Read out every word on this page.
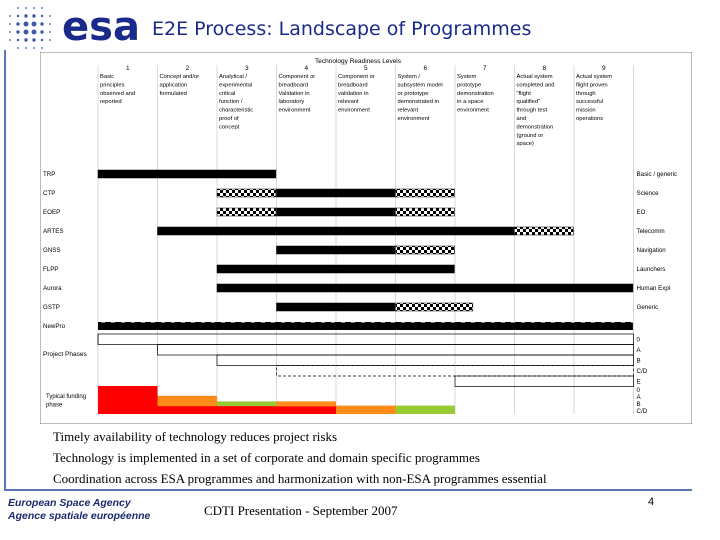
esa E2E Process: Landscape of Programmes
Technology Readiness Levels
1
Basic principles observed and reported
2
Concept and/or application formulated
3
Analytical / experimental critical function / characteristic proof of concept
4
Component or breadboard Validation in laboratory environment
5
Component or breadboard validation in relevant environment
6
System / subsystem model or prototype demonstrated in relevant environment
7
System prototype demonstration in a space environment
8
Actual system completed and "flight qualified" through test and demonstration (ground or space)
9
Actual system flight proven through successful mission operations
TRP	Basic / generic
CTP	Science
EOEP	EO
ARTES	Telecomm
GNSS	Navigation
FLPP	Launchers
Aurora	Human Expl
GSTP	Generic
NewPro
Project Phases
0
A
B
C/D
E
Typical funding phase
0
A
B
C/D
Timely availability of technology reduces project risks
Technology is implemented in a set of corporate and domain specific programmes
Coordination across ESA programmes and harmonization with non-ESA programmes essential
European Space Agency
Agence spatiale européenne	CDTI Presentation - September 2007
4
